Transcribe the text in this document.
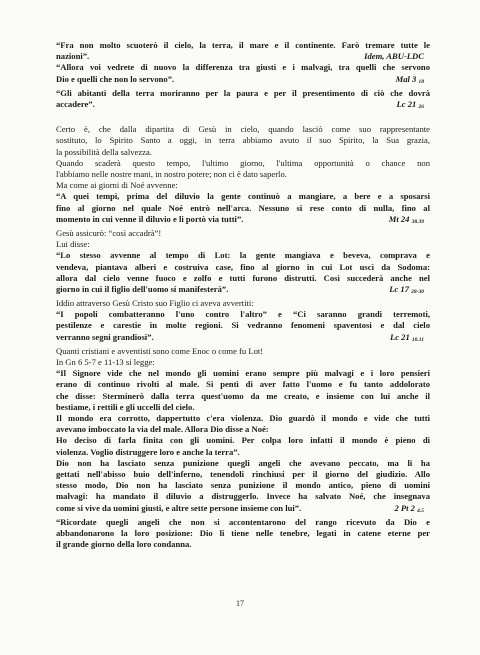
“Fra non molto scuoterò il cielo, la terra, il mare e il continente. Farò tremare tutte le
nazioni”.	Idem, ABU-LDC
“Allora voi vedrete di nuovo la differenza tra giusti e i malvagi, tra quelli che servono
Dio e quelli che non lo servono”.	Mal 3 $_{18}$
“Gli abitanti della terra moriranno per la paura e per il presentimento di ciò che dovrà
accadere”.	Lc 21 $_{26}$
Certo è, che dalla dipartita di Gesù in cielo, quando lasciò come suo rappresentante
sostituto, lo Spirito Santo a oggi, in terra abbiamo avuto il suo Spirito, la Sua grazia,
la possibilità della salvezza.
Quando scaderà questo tempo, l'ultimo giorno, l'ultima opportunità o chance non
l'abbiamo nelle nostre mani, in nostro potere; non ci è dato saperlo.
Ma come ai giorni di Noé avvenne:
“A quei tempi, prima del diluvio la gente continuò a mangiare, a bere e a sposarsi
fino al giorno nel quale Noé entrò nell'arca. Nessuno si rese conto di nulla, fino al
momento in cui venne il diluvio e li portò via tutti”.	Mt 24 $_{38.39}$
Gesù assicurò: “così accadrà”!
Lui disse:
“Lo stesso avvenne al tempo di Lot: la gente mangiava e beveva, comprava e
vendeva, piantava alberi e costruiva case, fino al giorno in cui Lot uscì da Sodoma:
allora dal cielo venne fuoco e zolfo e tutti furono distrutti. Così succederà anche nel
giorno in cui il figlio dell'uomo si manifesterà”.	Lc 17 $_{28-30}$
Iddio attraverso Gesù Cristo suo Figlio ci aveva avvertiti:
“I popoli combatteranno l'uno contro l'altro” e “Ci saranno grandi terremoti,
pestilenze e carestie in molte regioni. Si vedranno fenomeni spaventosi e dal cielo
verranno segni grandiosi”.	Lc 21 $_{10.11}$
Quanti cristiani e avventisti sono come Enoc o come fu Lot!
In Gn 6 5-7 e 11-13 si legge:
“Il Signore vide che nel mondo gli uomini erano sempre più malvagi e i loro pensieri
erano di continuo rivolti al male. Si pentì di aver fatto l'uomo e fu tanto addolorato
che disse: Sterminerò dalla terra quest'uomo da me creato, e insieme con lui anche il
bestiame, i rettili e gli uccelli del cielo.
Il mondo era corrotto, dappertutto c'era violenza. Dio guardò il mondo e vide che tutti
avevano imboccato la via del male. Allora Dio disse a Noé:
Ho deciso di farla finita con gli uomini. Per colpa loro infatti il mondo è pieno di
violenza. Voglio distruggere loro e anche la terra”.
Dio non ha lasciato senza punizione quegli angeli che avevano peccato, ma li ha
gettati nell'abisso buio dell'inferno, tenendoli rinchiusi per il giorno del giudizio. Allo
stesso modo, Dio non ha lasciato senza punizione il mondo antico, pieno di uomini
malvagi: ha mandato il diluvio a distruggerlo. Invece ha salvato Noé, che insegnava
come si vive da uomini giusti, e altre sette persone insieme con lui”.	2 Pt 2 $_{4.5}$
“Ricordate quegli angeli che non si accontentarono del rango ricevuto da Dio e
abbandonarono la loro posizione: Dio li tiene nelle tenebre, legati in catene eterne per
il grande giorno della loro condanna.
17
